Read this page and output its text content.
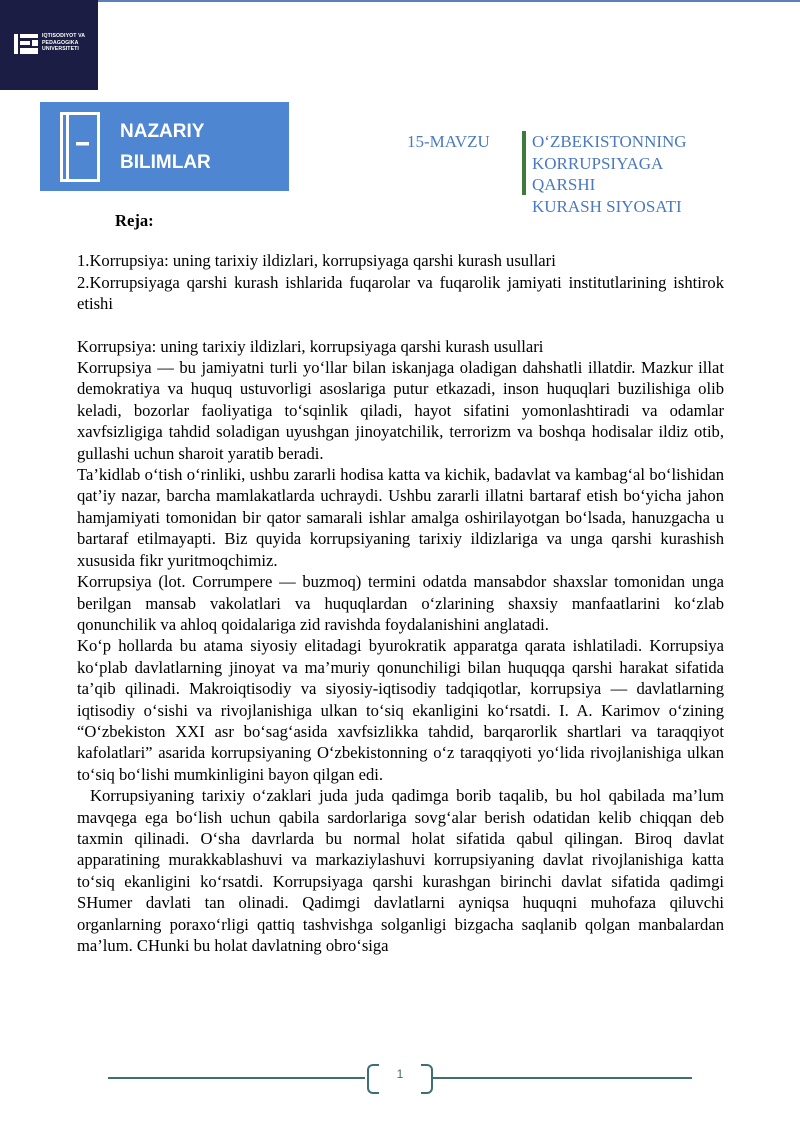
IQTISODIYOT VA
PEDAGOGIKA
UNIVERSITETI
NAZARIY
BILIMLAR
15-MAVZU O‘ZBEKISTONNING
KORRUPSIYAGA
QARSHI
KURASH SIYOSATI

Reja:

1.Korrupsiya: uning tarixiy ildizlari, korrupsiyaga qarshi kurash usullari

2.Korrupsiyaga qarshi kurash ishlarida fuqarolar va fuqarolik jamiyati institutlarining ishtirok etishi

Korrupsiya: uning tarixiy ildizlari, korrupsiyaga qarshi kurash usullari

Korrupsiya — bu jamiyatni turli yo‘llar bilan iskanjaga oladigan dahshatli illatdir. Mazkur illat demokratiya va huquq ustuvorligi asoslariga putur etkazadi, inson huquqlari buzilishiga olib keladi, bozorlar faoliyatiga to‘sqinlik qiladi, hayot sifatini yomonlashtiradi va odamlar xavfsizligiga tahdid soladigan uyushgan jinoyatchilik, terrorizm va boshqa hodisalar ildiz otib, gullashi uchun sharoit yaratib beradi.

Ta’kidlab o‘tish o‘rinliki, ushbu zararli hodisa katta va kichik, badavlat va kambag‘al bo‘lishidan qat’iy nazar, barcha mamlakatlarda uchraydi. Ushbu zararli illatni bartaraf etish bo‘yicha jahon hamjamiyati tomonidan bir qator samarali ishlar amalga oshirilayotgan bo‘lsada, hanuzgacha u bartaraf etilmayapti. Biz quyida korrupsiyaning tarixiy ildizlariga va unga qarshi kurashish xususida fikr yuritmoqchimiz.

Korrupsiya (lot. Corrumpere — buzmoq) termini odatda mansabdor shaxslar tomonidan unga berilgan mansab vakolatlari va huquqlardan o‘zlarining shaxsiy manfaatlarini ko‘zlab qonunchilik va ahloq qoidalariga zid ravishda foydalanishini anglatadi.

Ko‘p hollarda bu atama siyosiy elitadagi byurokratik apparatga qarata ishlatiladi. Korrupsiya ko‘plab davlatlarning jinoyat va ma’muriy qonunchiligi bilan huquqqa qarshi harakat sifatida ta’qib qilinadi. Makroiqtisodiy va siyosiy-iqtisodiy tadqiqotlar, korrupsiya — davlatlarning iqtisodiy o‘sishi va rivojlanishiga ulkan to‘siq ekanligini ko‘rsatdi. I. A. Karimov o‘zining “O‘zbekiston XXI asr bo‘sag‘asida xavfsizlikka tahdid, barqarorlik shartlari va taraqqiyot kafolatlari” asarida korrupsiyaning O‘zbekistonning o‘z taraqqiyoti yo‘lida rivojlanishiga ulkan to‘siq bo‘lishi mumkinligini bayon qilgan edi.

Korrupsiyaning tarixiy o‘zaklari juda juda qadimga borib taqalib, bu hol qabilada ma’lum mavqega ega bo‘lish uchun qabila sardorlariga sovg‘alar berish odatidan kelib chiqqan deb taxmin qilinadi. O‘sha davrlarda bu normal holat sifatida qabul qilingan. Biroq davlat apparatining murakkablashuvi va markaziylashuvi korrupsiyaning davlat rivojlanishiga katta to‘siq ekanligini ko‘rsatdi. Korrupsiyaga qarshi kurashgan birinchi davlat sifatida qadimgi SHumer davlati tan olinadi. Qadimgi davlatlarni ayniqsa huquqni muhofaza qiluvchi organlarning poraxo‘rligi qattiq tashvishga solganligi bizgacha saqlanib qolgan manbalardan ma’lum. CHunki bu holat davlatning obro‘siga

1
